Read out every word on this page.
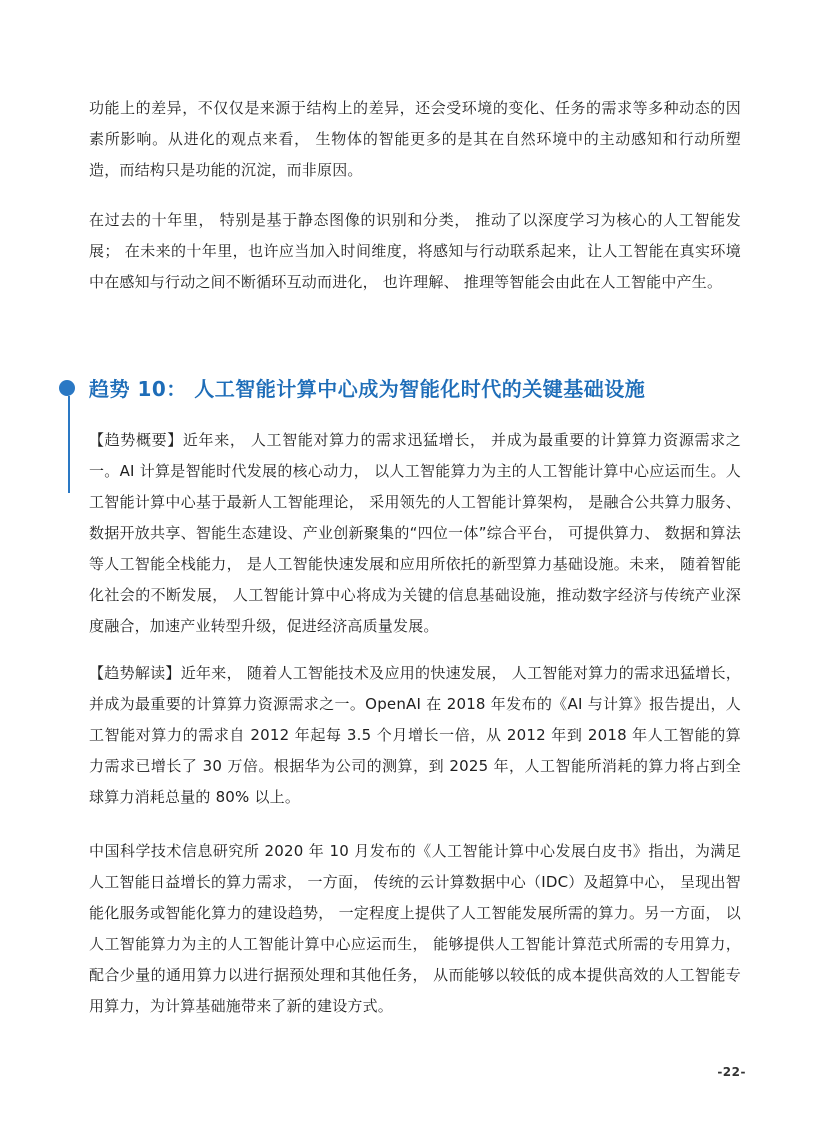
功能上的差异，不仅仅是来源于结构上的差异，还会受环境的变化、任务的需求等多种动态的因素所影响。从进化的观点来看， 生物体的智能更多的是其在自然环境中的主动感知和行动所塑造，而结构只是功能的沉淀，而非原因。

在过去的十年里， 特别是基于静态图像的识别和分类， 推动了以深度学习为核心的人工智能发展； 在未来的十年里，也许应当加入时间维度，将感知与行动联系起来，让人工智能在真实环境中在感知与行动之间不断循环互动而进化， 也许理解、 推理等智能会由此在人工智能中产生。

趋势 10： 人工智能计算中心成为智能化时代的关键基础设施

【趋势概要】近年来， 人工智能对算力的需求迅猛增长， 并成为最重要的计算算力资源需求之一。AI 计算是智能时代发展的核心动力， 以人工智能算力为主的人工智能计算中心应运而生。人工智能计算中心基于最新人工智能理论， 采用领先的人工智能计算架构， 是融合公共算力服务、数据开放共享、智能生态建设、产业创新聚集的“四位一体”综合平台， 可提供算力、 数据和算法等人工智能全栈能力， 是人工智能快速发展和应用所依托的新型算力基础设施。未来， 随着智能化社会的不断发展， 人工智能计算中心将成为关键的信息基础设施，推动数字经济与传统产业深度融合，加速产业转型升级，促进经济高质量发展。

【趋势解读】近年来， 随着人工智能技术及应用的快速发展， 人工智能对算力的需求迅猛增长， 并成为最重要的计算算力资源需求之一。OpenAI 在 2018 年发布的《AI 与计算》报告提出，人工智能对算力的需求自 2012 年起每 3.5 个月增长一倍，从 2012 年到 2018 年人工智能的算力需求已增长了 30 万倍。根据华为公司的测算，到 2025 年，人工智能所消耗的算力将占到全球算力消耗总量的 80% 以上。

中国科学技术信息研究所 2020 年 10 月发布的《人工智能计算中心发展白皮书》指出，为满足人工智能日益增长的算力需求， 一方面， 传统的云计算数据中心（IDC）及超算中心， 呈现出智能化服务或智能化算力的建设趋势， 一定程度上提供了人工智能发展所需的算力。另一方面， 以人工智能算力为主的人工智能计算中心应运而生， 能够提供人工智能计算范式所需的专用算力， 配合少量的通用算力以进行据预处理和其他任务， 从而能够以较低的成本提供高效的人工智能专用算力，为计算基础施带来了新的建设方式。

-22-
